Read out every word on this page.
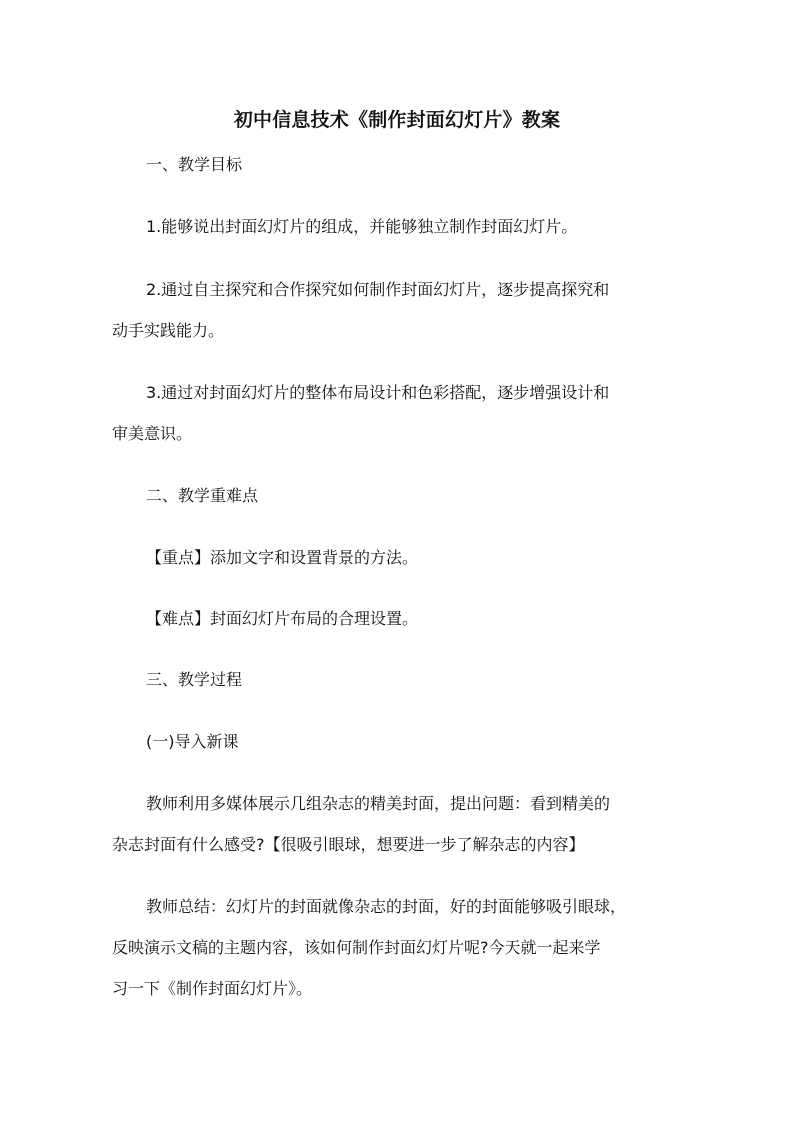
初中信息技术《制作封面幻灯片》教案
一、教学目标
1.能够说出封面幻灯片的组成，并能够独立制作封面幻灯片。
2.通过自主探究和合作探究如何制作封面幻灯片，逐步提高探究和
动手实践能力。
3.通过对封面幻灯片的整体布局设计和色彩搭配，逐步增强设计和
审美意识。
二、教学重难点
【重点】添加文字和设置背景的方法。
【难点】封面幻灯片布局的合理设置。
三、教学过程
(一)导入新课
教师利用多媒体展示几组杂志的精美封面，提出问题：看到精美的
杂志封面有什么感受?【很吸引眼球，想要进一步了解杂志的内容】
教师总结：幻灯片的封面就像杂志的封面，好的封面能够吸引眼球，
反映演示文稿的主题内容，该如何制作封面幻灯片呢?今天就一起来学
习一下《制作封面幻灯片》。
